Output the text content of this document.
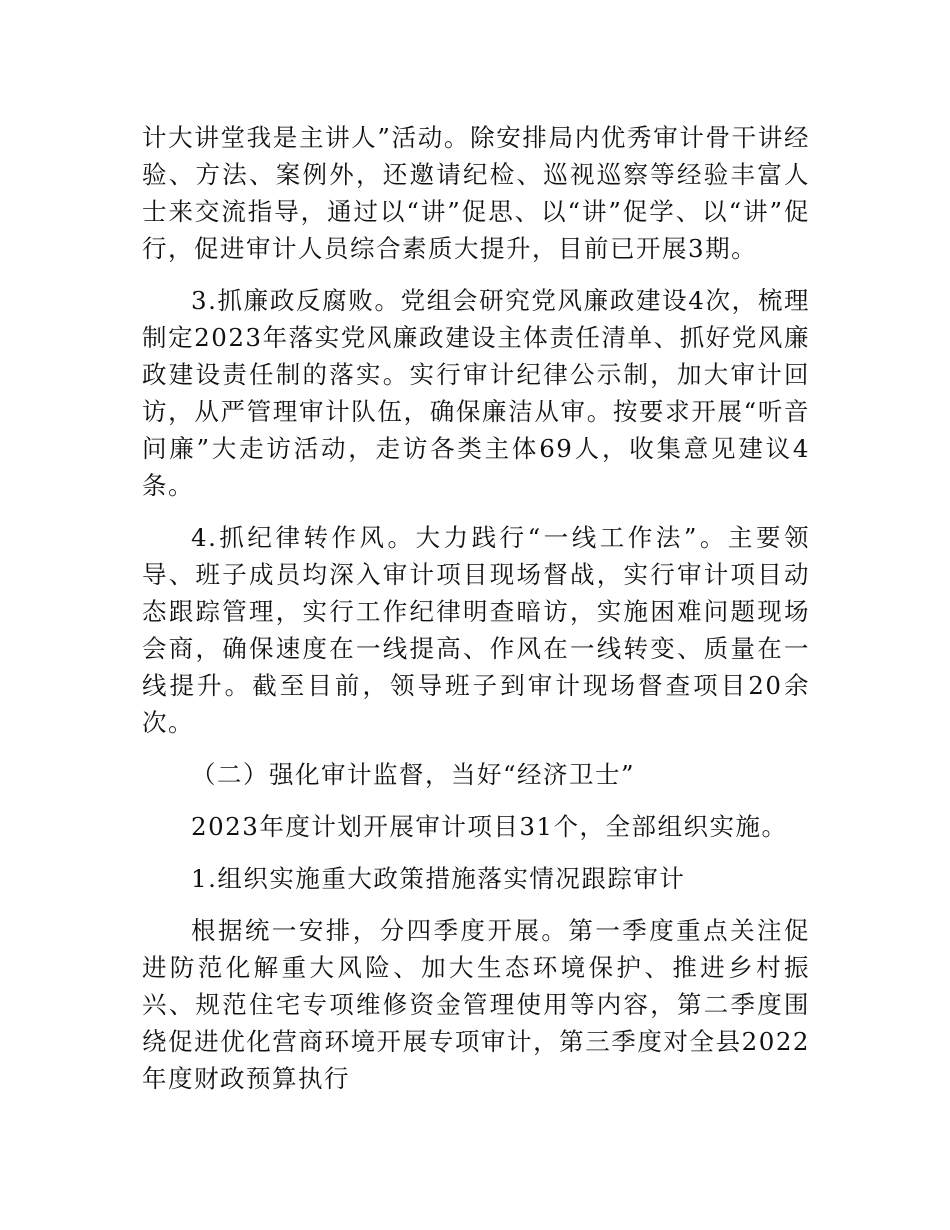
计大讲堂我是主讲人”活动。除安排局内优秀审计骨干讲经验、方法、案例外，还邀请纪检、巡视巡察等经验丰富人士来交流指导，通过以“讲”促思、以“讲”促学、以“讲”促行，促进审计人员综合素质大提升，目前已开展3期。

3.抓廉政反腐败。党组会研究党风廉政建设4次，梳理制定2023年落实党风廉政建设主体责任清单、抓好党风廉政建设责任制的落实。实行审计纪律公示制，加大审计回访，从严管理审计队伍，确保廉洁从审。按要求开展“听音问廉”大走访活动，走访各类主体69人，收集意见建议4条。

4.抓纪律转作风。大力践行“一线工作法”。主要领导、班子成员均深入审计项目现场督战，实行审计项目动态跟踪管理，实行工作纪律明查暗访，实施困难问题现场会商，确保速度在一线提高、作风在一线转变、质量在一线提升。截至目前，领导班子到审计现场督查项目20余次。

（二）强化审计监督，当好“经济卫士”

2023年度计划开展审计项目31个，全部组织实施。

1.组织实施重大政策措施落实情况跟踪审计

根据统一安排，分四季度开展。第一季度重点关注促进防范化解重大风险、加大生态环境保护、推进乡村振兴、规范住宅专项维修资金管理使用等内容，第二季度围绕促进优化营商环境开展专项审计，第三季度对全县2022年度财政预算执行
